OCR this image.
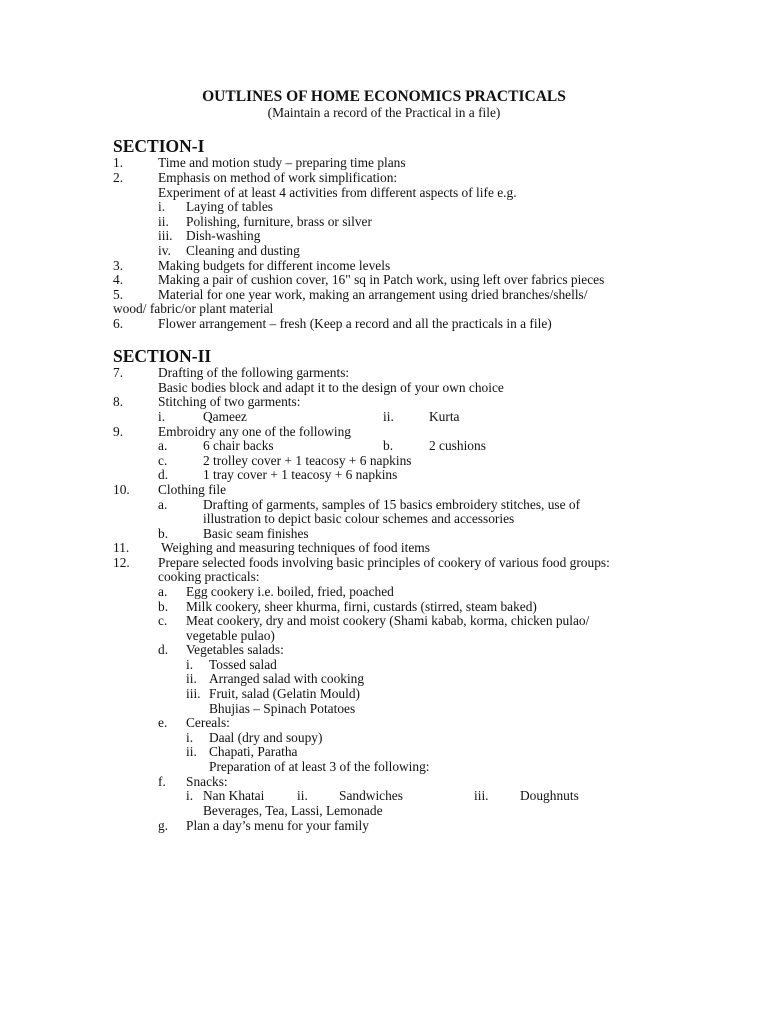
OUTLINES OF HOME ECONOMICS PRACTICALS
(Maintain a record of the Practical in a file)
SECTION-I
1.	Time and motion study – preparing time plans
2.	Emphasis on method of work simplification:
Experiment of at least 4 activities from different aspects of life e.g.
i. Laying of tables
ii. Polishing, furniture, brass or silver
iii. Dish-washing
iv. Cleaning and dusting
3.	Making budgets for different income levels
4.	Making a pair of cushion cover, 16" sq in Patch work, using left over fabrics pieces
5.	Material for one year work, making an arrangement using dried branches/shells/
wood/ fabric/or plant material
6.	Flower arrangement – fresh (Keep a record and all the practicals in a file)
SECTION-II
7.	Drafting of the following garments:
Basic bodies block and adapt it to the design of your own choice
8.	Stitching of two garments:
i.	Qameez	ii.	Kurta
9.	Embroidry any one of the following
a.	6 chair backs	b.	2 cushions
c.	2 trolley cover + 1 teacosy + 6 napkins
d.	1 tray cover + 1 teacosy + 6 napkins
10. Clothing file
a.	Drafting of garments, samples of 15 basics embroidery stitches, use of
illustration to depict basic colour schemes and accessories
b.	Basic seam finishes
11. Weighing and measuring techniques of food items
12. Prepare selected foods involving basic principles of cookery of various food groups:
cooking practicals:
a. Egg cookery i.e. boiled, fried, poached
b. Milk cookery, sheer khurma, firni, custards (stirred, steam baked)
c. Meat cookery, dry and moist cookery (Shami kabab, korma, chicken pulao/
vegetable pulao)
d. Vegetables salads:
i. Tossed salad
ii. Arranged salad with cooking
iii. Fruit, salad (Gelatin Mould)
Bhujias – Spinach Potatoes
e. Cereals:
i. Daal (dry and soupy)
ii. Chapati, Paratha
Preparation of at least 3 of the following:
f. Snacks:
i. Nan Khatai ii. Sandwiches	iii. Doughnuts
Beverages, Tea, Lassi, Lemonade
g. Plan a day’s menu for your family
